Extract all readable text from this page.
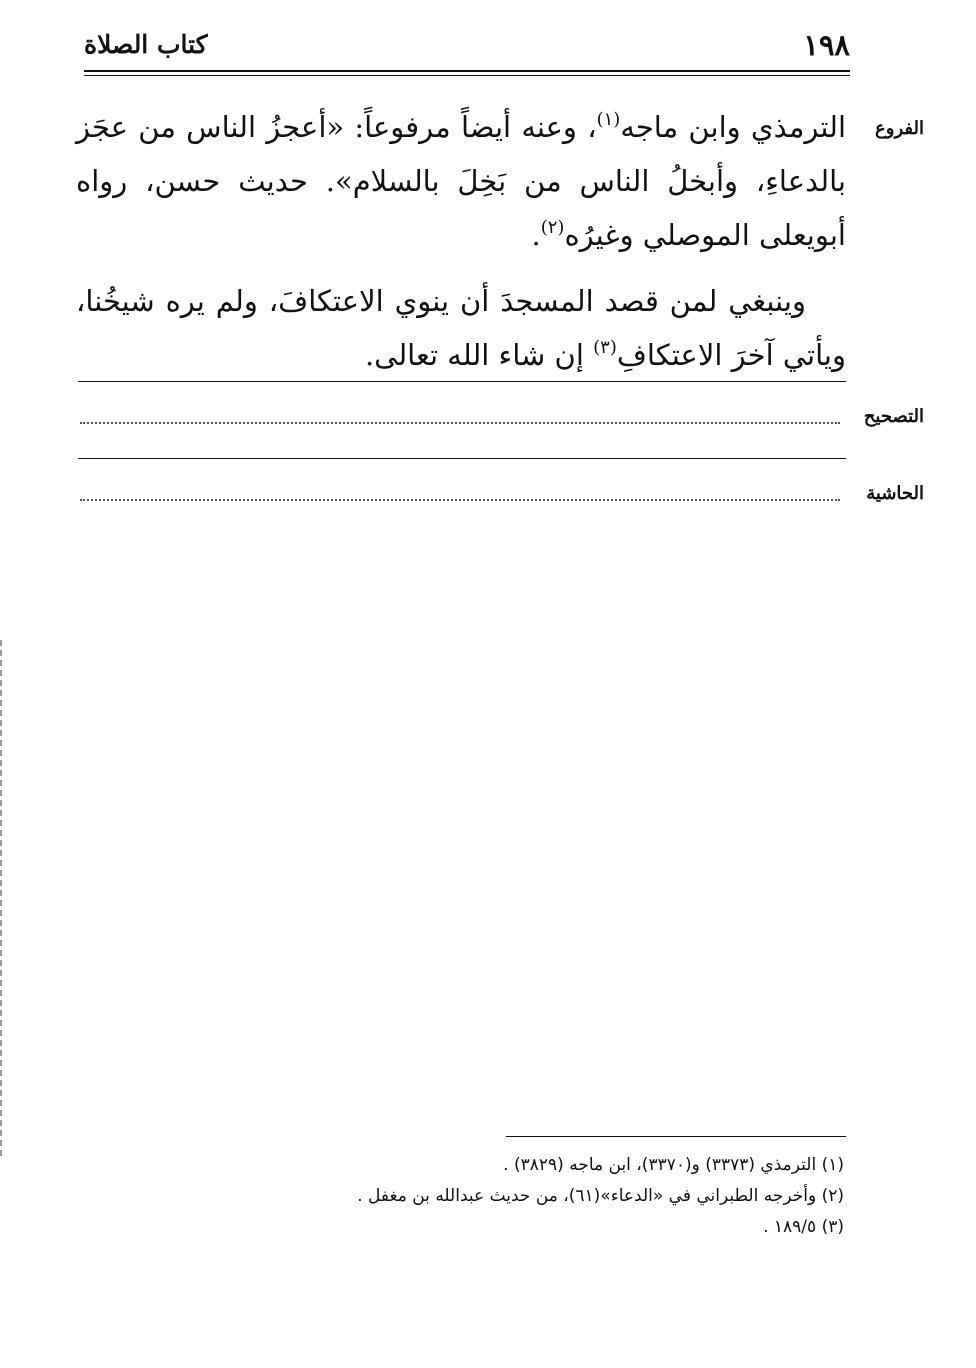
كتاب الصلاة	١٩٨
الفروع

الترمذي وابن ماجه$^{(١)}$، وعنه أيضاً مرفوعاً: «أعجزُ الناس من عجَز بالدعاءِ، وأبخلُ الناس من بَخِلَ بالسلام». حديث حسن، رواه أبويعلى الموصلي وغيرُه$^{(٢)}$.

وينبغي لمن قصد المسجدَ أن ينوي الاعتكافَ، ولم يره شيخُنا، ويأتي آخرَ الاعتكافِ$^{(٣)}$ إن شاء الله تعالى.

التصحيح
الحاشية
(١) الترمذي (٣٣٧٣) و(٣٣٧٠)، ابن ماجه (٣٨٢٩) .
(٢) وأخرجه الطبراني في «الدعاء»(٦١)، من حديث عبدالله بن مغفل .
(٣) ١٨٩/٥ .
